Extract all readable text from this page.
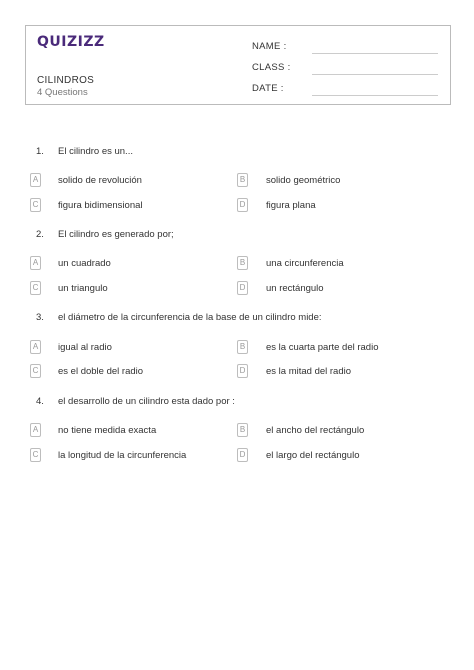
QUIZIZZ
CILINDROS
4 Questions
NAME :
CLASS :
DATE :
1. El cilindro es un...
A solido de revolución	B solido geométrico
C figura bidimensional	D figura plana
2. El cilindro es generado por;
A un cuadrado	B una circunferencia
C un triangulo	D un rectángulo
3. el diámetro de la circunferencia de la base de un cilindro mide:
A igual al radio	B es la cuarta parte del radio
C es el doble del radio	D es la mitad del radio
4. el desarrollo de un cilindro esta dado por :
A no tiene medida exacta	B el ancho del rectángulo
C la longitud de la circunferencia	D el largo del rectángulo
